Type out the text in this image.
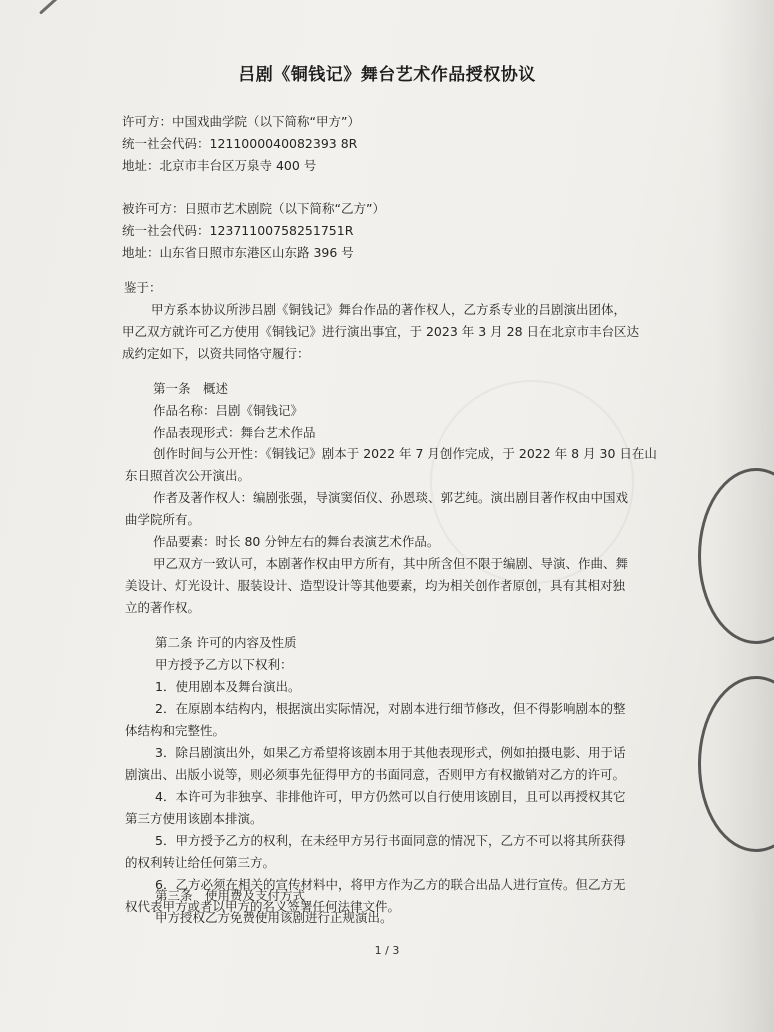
吕剧《铜钱记》舞台艺术作品授权协议
许可方：中国戏曲学院（以下简称“甲方”）
统一社会代码：1211000040082393 8R
地址：北京市丰台区万泉寺 400 号
被许可方：日照市艺术剧院（以下简称“乙方”）
统一社会代码：12371100758251751R
地址：山东省日照市东港区山东路 396 号
鉴于：
甲方系本协议所涉吕剧《铜钱记》舞台作品的著作权人，乙方系专业的吕剧演出团体，
甲乙双方就许可乙方使用《铜钱记》进行演出事宜，于 2023 年 3 月 28 日在北京市丰台区达
成约定如下，以资共同恪守履行：
第一条　概述
作品名称：吕剧《铜钱记》
作品表现形式：舞台艺术作品
创作时间与公开性：《铜钱记》剧本于 2022 年 7 月创作完成，于 2022 年 8 月 30 日在山
东日照首次公开演出。
作者及著作权人：编剧张强，导演窦佰仪、孙恩琰、郭艺纯。演出剧目著作权由中国戏
曲学院所有。
作品要素：时长 80 分钟左右的舞台表演艺术作品。
甲乙双方一致认可，本剧著作权由甲方所有，其中所含但不限于编剧、导演、作曲、舞
美设计、灯光设计、服装设计、造型设计等其他要素，均为相关创作者原创，具有其相对独
立的著作权。
第二条 许可的内容及性质
甲方授予乙方以下权利：
1．使用剧本及舞台演出。
2．在原剧本结构内，根据演出实际情况，对剧本进行细节修改，但不得影响剧本的整
体结构和完整性。
3．除吕剧演出外，如果乙方希望将该剧本用于其他表现形式，例如拍摄电影、用于话
剧演出、出版小说等，则必须事先征得甲方的书面同意，否则甲方有权撤销对乙方的许可。
4．本许可为非独享、非排他许可，甲方仍然可以自行使用该剧目，且可以再授权其它
第三方使用该剧本排演。
5．甲方授予乙方的权利，在未经甲方另行书面同意的情况下，乙方不可以将其所获得
的权利转让给任何第三方。
6．乙方必须在相关的宣传材料中，将甲方作为乙方的联合出品人进行宣传。但乙方无
权代表甲方或者以甲方的名义签署任何法律文件。
第三条　使用费及支付方式
甲方授权乙方免费使用该剧进行正规演出。
1 / 3
